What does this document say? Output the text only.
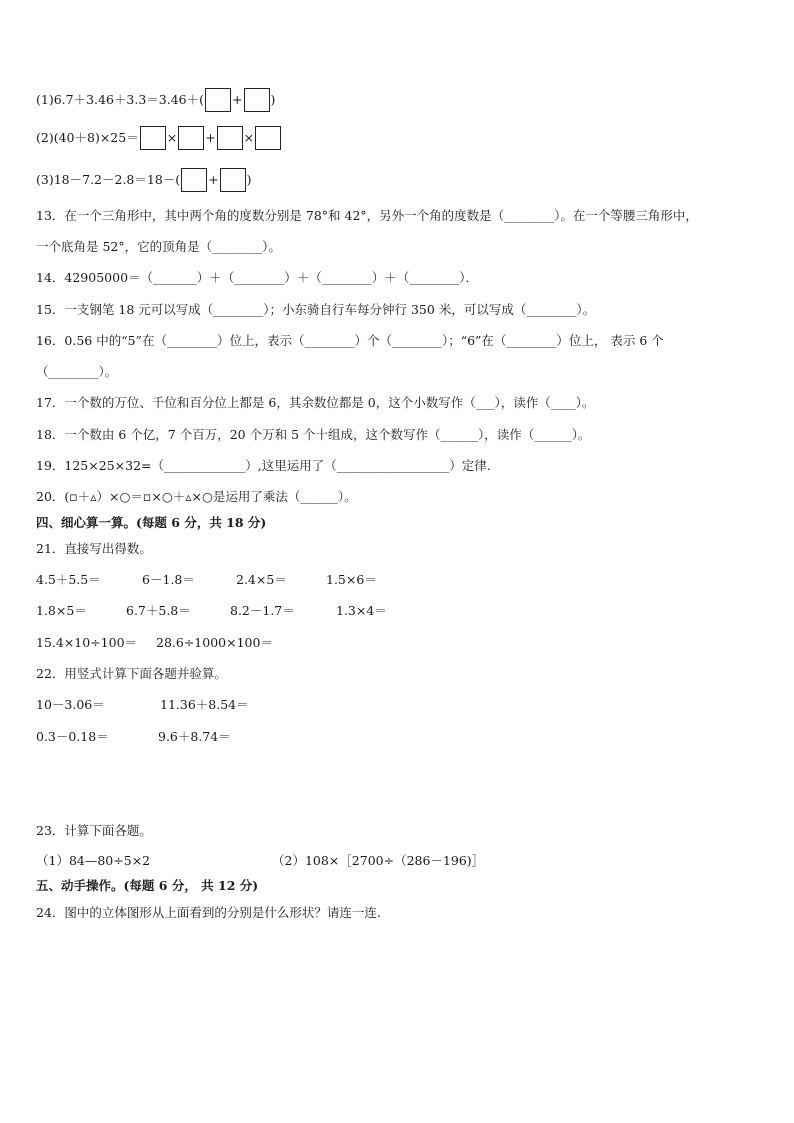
(1)6.7＋3.46＋3.3＝3.46＋( + )
(2)(40＋8)×25＝ × + ×
(3)18－7.2－2.8＝18－( + )
13．在一个三角形中，其中两个角的度数分别是 78°和 42°，另外一个角的度数是（________）。在一个等腰三角形中，
一个底角是 52°，它的顶角是（________）。
14．42905000＝（_______）＋（________）＋（________）＋（________）．
15．一支钢笔 18 元可以写成（________）；小东骑自行车每分钟行 350 米，可以写成（________）。
16．0.56 中的“5”在（________）位上，表示（________）个（________）；“6”在（________）位上， 表示 6 个
（________）。
17．一个数的万位、千位和百分位上都是 6，其余数位都是 0，这个小数写作（___），读作（____）。
18．一个数由 6 个亿，7 个百万，20 个万和 5 个十组成，这个数写作（______），读作（______）。
19．125×25×32=（_____________）,这里运用了（__________________）定律.
20．(▫＋▵）×○＝▫×○＋▵×○是运用了乘法（______）。
四、细心算一算。(每题 6 分，共 18 分)
21．直接写出得数。
4.5＋5.5＝	6－1.8＝	2.4×5＝	1.5×6＝
1.8×5＝	6.7＋5.8＝	8.2－1.7＝	1.3×4＝
15.4×10÷100＝ 28.6÷1000×100＝
22．用竖式计算下面各题并验算。
10－3.06＝	11.36＋8.54＝
0.3－0.18＝	9.6＋8.74＝
23．计算下面各题。
（1）84—80÷5×2	（2）108×［2700÷（286－196)］
五、动手操作。(每题 6 分， 共 12 分)
24．图中的立体图形从上面看到的分别是什么形状？请连一连.
